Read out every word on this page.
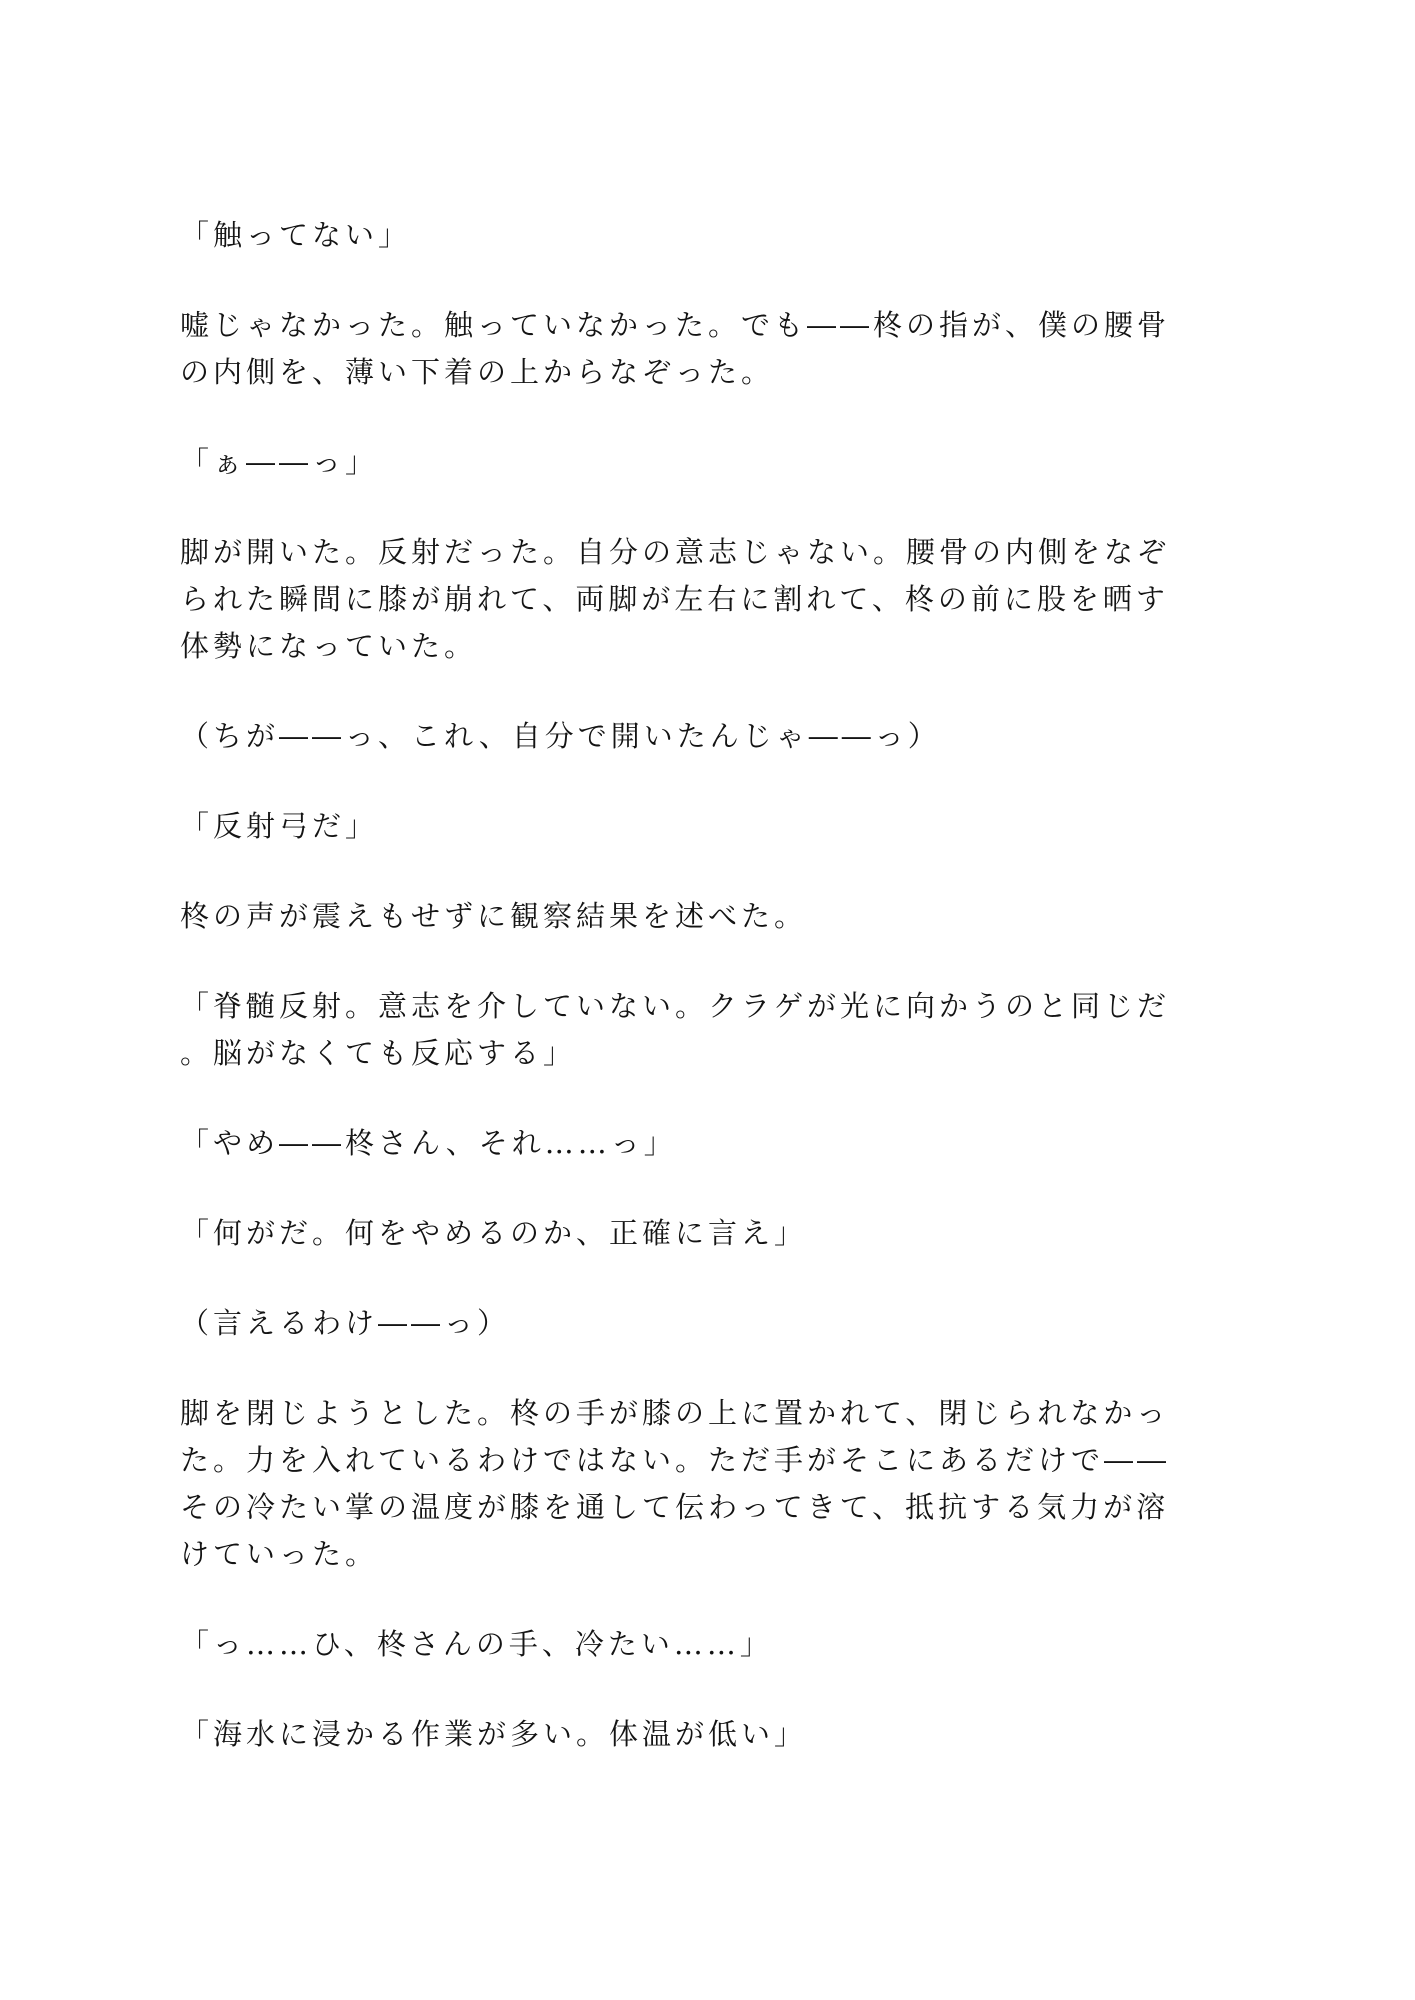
「触ってない」

嘘じゃなかった。触っていなかった。でも――柊の指が、僕の腰骨
の内側を、薄い下着の上からなぞった。

「ぁ――っ」

脚が開いた。反射だった。自分の意志じゃない。腰骨の内側をなぞ
られた瞬間に膝が崩れて、両脚が左右に割れて、柊の前に股を晒す
体勢になっていた。

（ちが――っ、これ、自分で開いたんじゃ――っ）

「反射弓だ」

柊の声が震えもせずに観察結果を述べた。

「脊髄反射。意志を介していない。クラゲが光に向かうのと同じだ
。脳がなくても反応する」

「やめ――柊さん、それ……っ」

「何がだ。何をやめるのか、正確に言え」

（言えるわけ――っ）

脚を閉じようとした。柊の手が膝の上に置かれて、閉じられなかっ
た。力を入れているわけではない。ただ手がそこにあるだけで――
その冷たい掌の温度が膝を通して伝わってきて、抵抗する気力が溶
けていった。

「っ……ひ、柊さんの手、冷たい……」

「海水に浸かる作業が多い。体温が低い」
